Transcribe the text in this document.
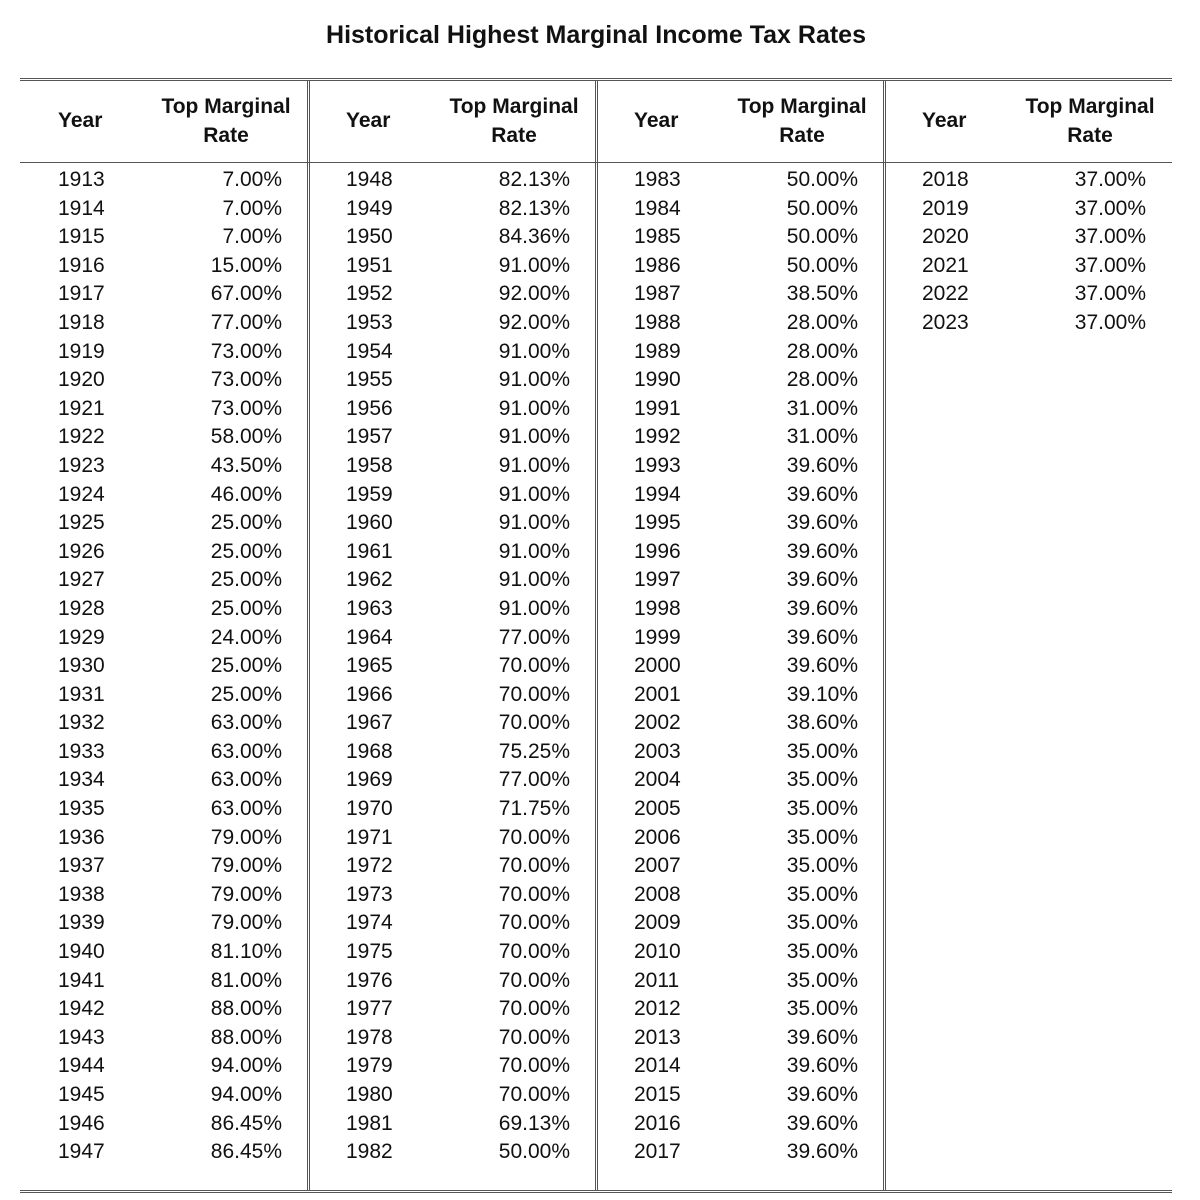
Historical Highest Marginal Income Tax Rates
Year
Top Marginal
Rate
1913	7.00%
1914	7.00%
1915	7.00%
1916	15.00%
1917	67.00%
1918	77.00%
1919	73.00%
1920	73.00%
1921	73.00%
1922	58.00%
1923	43.50%
1924	46.00%
1925	25.00%
1926	25.00%
1927	25.00%
1928	25.00%
1929	24.00%
1930	25.00%
1931	25.00%
1932	63.00%
1933	63.00%
1934	63.00%
1935	63.00%
1936	79.00%
1937	79.00%
1938	79.00%
1939	79.00%
1940	81.10%
1941	81.00%
1942	88.00%
1943	88.00%
1944	94.00%
1945	94.00%
1946	86.45%
1947	86.45%
Year
Top Marginal
Rate
1948	82.13%
1949	82.13%
1950	84.36%
1951	91.00%
1952	92.00%
1953	92.00%
1954	91.00%
1955	91.00%
1956	91.00%
1957	91.00%
1958	91.00%
1959	91.00%
1960	91.00%
1961	91.00%
1962	91.00%
1963	91.00%
1964	77.00%
1965	70.00%
1966	70.00%
1967	70.00%
1968	75.25%
1969	77.00%
1970	71.75%
1971	70.00%
1972	70.00%
1973	70.00%
1974	70.00%
1975	70.00%
1976	70.00%
1977	70.00%
1978	70.00%
1979	70.00%
1980	70.00%
1981	69.13%
1982	50.00%
Year
Top Marginal
Rate
1983	50.00%
1984	50.00%
1985	50.00%
1986	50.00%
1987	38.50%
1988	28.00%
1989	28.00%
1990	28.00%
1991	31.00%
1992	31.00%
1993	39.60%
1994	39.60%
1995	39.60%
1996	39.60%
1997	39.60%
1998	39.60%
1999	39.60%
2000	39.60%
2001	39.10%
2002	38.60%
2003	35.00%
2004	35.00%
2005	35.00%
2006	35.00%
2007	35.00%
2008	35.00%
2009	35.00%
2010	35.00%
2011	35.00%
2012	35.00%
2013	39.60%
2014	39.60%
2015	39.60%
2016	39.60%
2017	39.60%
Year
Top Marginal
Rate
2018	37.00%
2019	37.00%
2020	37.00%
2021	37.00%
2022	37.00%
2023	37.00%
